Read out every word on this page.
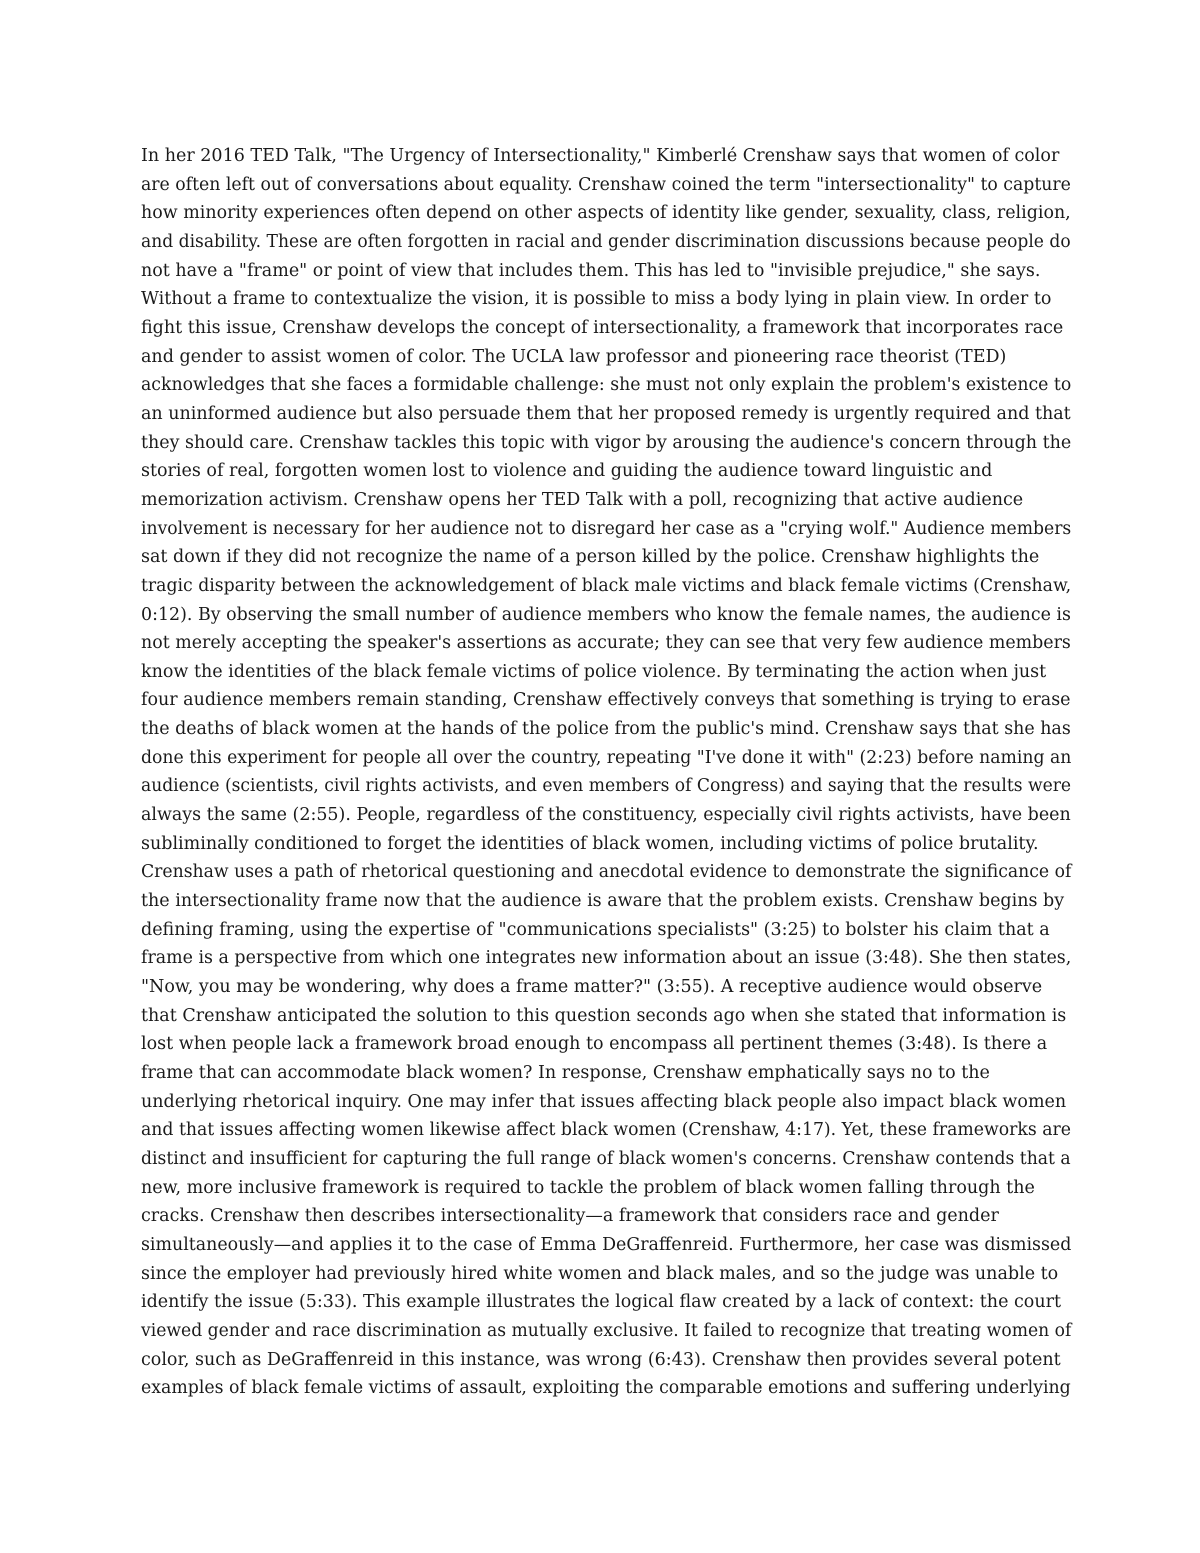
In her 2016 TED Talk, "The Urgency of Intersectionality," Kimberlé Crenshaw says that women of color
are often left out of conversations about equality. Crenshaw coined the term "intersectionality" to capture
how minority experiences often depend on other aspects of identity like gender, sexuality, class, religion,
and disability. These are often forgotten in racial and gender discrimination discussions because people do
not have a "frame" or point of view that includes them. This has led to "invisible prejudice," she says.
Without a frame to contextualize the vision, it is possible to miss a body lying in plain view. In order to
fight this issue, Crenshaw develops the concept of intersectionality, a framework that incorporates race
and gender to assist women of color. The UCLA law professor and pioneering race theorist (TED)
acknowledges that she faces a formidable challenge: she must not only explain the problem's existence to
an uninformed audience but also persuade them that her proposed remedy is urgently required and that
they should care. Crenshaw tackles this topic with vigor by arousing the audience's concern through the
stories of real, forgotten women lost to violence and guiding the audience toward linguistic and
memorization activism. Crenshaw opens her TED Talk with a poll, recognizing that active audience
involvement is necessary for her audience not to disregard her case as a "crying wolf." Audience members
sat down if they did not recognize the name of a person killed by the police. Crenshaw highlights the
tragic disparity between the acknowledgement of black male victims and black female victims (Crenshaw,
0:12). By observing the small number of audience members who know the female names, the audience is
not merely accepting the speaker's assertions as accurate; they can see that very few audience members
know the identities of the black female victims of police violence. By terminating the action when just
four audience members remain standing, Crenshaw effectively conveys that something is trying to erase
the deaths of black women at the hands of the police from the public's mind. Crenshaw says that she has
done this experiment for people all over the country, repeating "I've done it with" (2:23) before naming an
audience (scientists, civil rights activists, and even members of Congress) and saying that the results were
always the same (2:55). People, regardless of the constituency, especially civil rights activists, have been
subliminally conditioned to forget the identities of black women, including victims of police brutality.
Crenshaw uses a path of rhetorical questioning and anecdotal evidence to demonstrate the significance of
the intersectionality frame now that the audience is aware that the problem exists. Crenshaw begins by
defining framing, using the expertise of "communications specialists" (3:25) to bolster his claim that a
frame is a perspective from which one integrates new information about an issue (3:48). She then states,
"Now, you may be wondering, why does a frame matter?" (3:55). A receptive audience would observe
that Crenshaw anticipated the solution to this question seconds ago when she stated that information is
lost when people lack a framework broad enough to encompass all pertinent themes (3:48). Is there a
frame that can accommodate black women? In response, Crenshaw emphatically says no to the
underlying rhetorical inquiry. One may infer that issues affecting black people also impact black women
and that issues affecting women likewise affect black women (Crenshaw, 4:17). Yet, these frameworks are
distinct and insufficient for capturing the full range of black women's concerns. Crenshaw contends that a
new, more inclusive framework is required to tackle the problem of black women falling through the
cracks. Crenshaw then describes intersectionality—a framework that considers race and gender
simultaneously—and applies it to the case of Emma DeGraffenreid. Furthermore, her case was dismissed
since the employer had previously hired white women and black males, and so the judge was unable to
identify the issue (5:33). This example illustrates the logical flaw created by a lack of context: the court
viewed gender and race discrimination as mutually exclusive. It failed to recognize that treating women of
color, such as DeGraffenreid in this instance, was wrong (6:43). Crenshaw then provides several potent
examples of black female victims of assault, exploiting the comparable emotions and suffering underlying
